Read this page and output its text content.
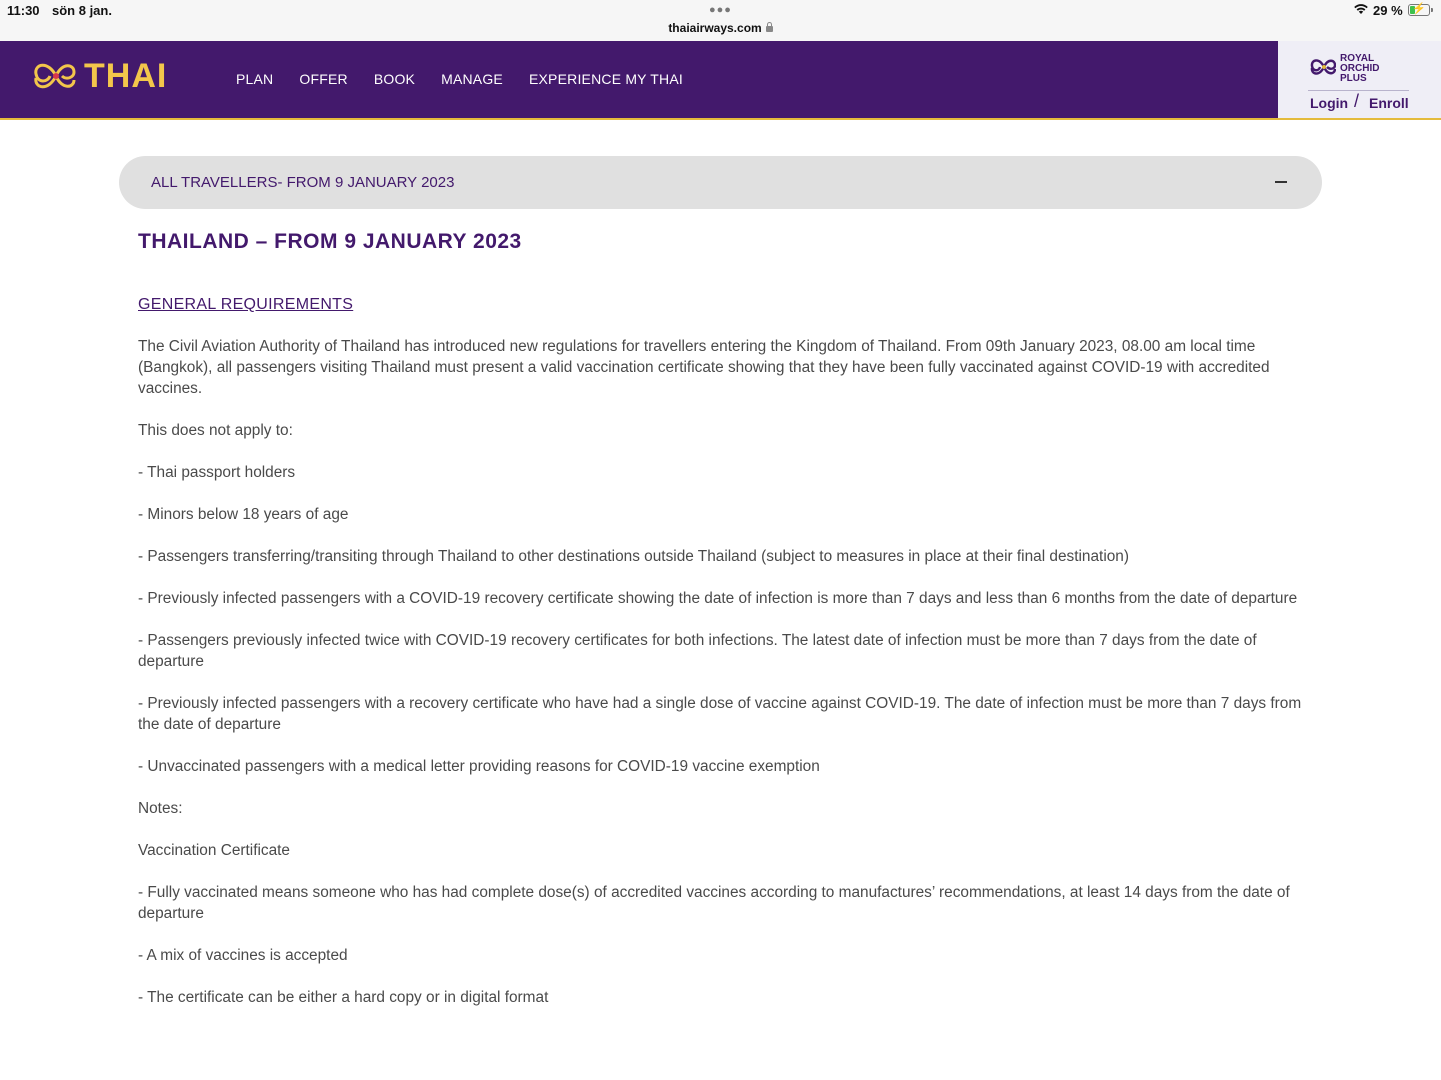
11:30 sön 8 jan.	●●●
thaiairways.com
29 % ⚡
THAI	PLAN OFFER BOOK MANAGE EXPERIENCE MY THAI
ROYAL
ORCHID
PLUS
Login / Enroll
ALL TRAVELLERS- FROM 9 JANUARY 2023
THAILAND – FROM 9 JANUARY 2023
GENERAL REQUIREMENTS

The Civil Aviation Authority of Thailand has introduced new regulations for travellers entering the Kingdom of Thailand. From 09th January 2023, 08.00 am local time (Bangkok), all passengers visiting Thailand must present a valid vaccination certificate showing that they have been fully vaccinated against COVID-19 with accredited vaccines.

This does not apply to:

- Thai passport holders

- Minors below 18 years of age

- Passengers transferring/transiting through Thailand to other destinations outside Thailand (subject to measures in place at their final destination)

- Previously infected passengers with a COVID-19 recovery certificate showing the date of infection is more than 7 days and less than 6 months from the date of departure

- Passengers previously infected twice with COVID-19 recovery certificates for both infections. The latest date of infection must be more than 7 days from the date of departure

- Previously infected passengers with a recovery certificate who have had a single dose of vaccine against COVID-19. The date of infection must be more than 7 days from the date of departure

- Unvaccinated passengers with a medical letter providing reasons for COVID-19 vaccine exemption

Notes:

Vaccination Certificate

- Fully vaccinated means someone who has had complete dose(s) of accredited vaccines according to manufactures’ recommendations, at least 14 days from the date of departure

- A mix of vaccines is accepted

- The certificate can be either a hard copy or in digital format
